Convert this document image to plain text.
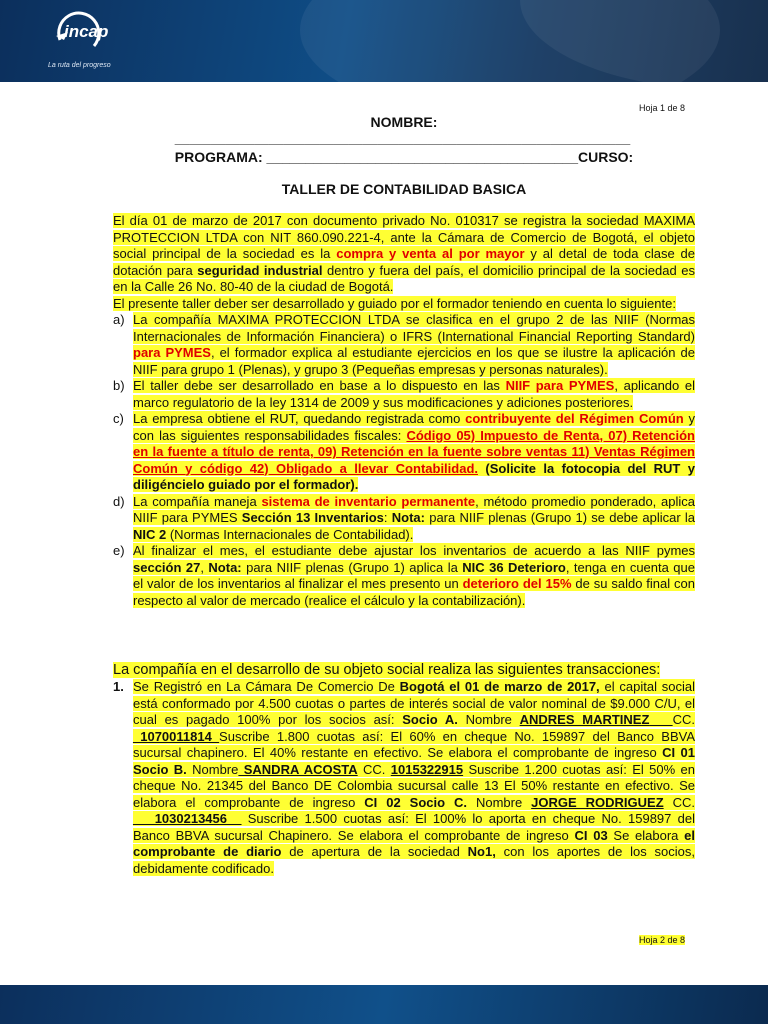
incap
La ruta del progreso
Hoja 1 de 8
NOMBRE:
_______________________________________________________________
PROGRAMA: ________________________________________CURSO:
TALLER DE CONTABILIDAD BASICA
El día 01 de marzo de 2017 con documento privado No. 010317 se registra la sociedad MAXIMA PROTECCION LTDA con NIT 860.090.221-4, ante la Cámara de Comercio de Bogotá, el objeto social principal de la sociedad es la compra y venta al por mayor y al detal de toda clase de dotación para seguridad industrial dentro y fuera del país, el domicilio principal de la sociedad es en la Calle 26 No. 80-40 de la ciudad de Bogotá.
El presente taller deber ser desarrollado y guiado por el formador teniendo en cuenta lo siguiente:
a) La compañía MAXIMA PROTECCION LTDA se clasifica en el grupo 2 de las NIIF (Normas Internacionales de Información Financiera) o IFRS (International Financial Reporting Standard) para PYMES, el formador explica al estudiante ejercicios en los que se ilustre la aplicación de NIIF para grupo 1 (Plenas), y grupo 3 (Pequeñas empresas y personas naturales).
b) El taller debe ser desarrollado en base a lo dispuesto en las NIIF para PYMES, aplicando el marco regulatorio de la ley 1314 de 2009 y sus modificaciones y adiciones posteriores.
c) La empresa obtiene el RUT, quedando registrada como contribuyente del Régimen Común y con las siguientes responsabilidades fiscales: Código 05) Impuesto de Renta, 07) Retención en la fuente a título de renta, 09) Retención en la fuente sobre ventas 11) Ventas Régimen Común y código 42) Obligado a llevar Contabilidad. (Solicite la fotocopia del RUT y diligéncielo guiado por el formador).
d) La compañía maneja sistema de inventario permanente, método promedio ponderado, aplica NIIF para PYMES Sección 13 Inventarios: Nota: para NIIF plenas (Grupo 1) se debe aplicar la NIC 2 (Normas Internacionales de Contabilidad).
e) Al finalizar el mes, el estudiante debe ajustar los inventarios de acuerdo a las NIIF pymes sección 27, Nota: para NIIF plenas (Grupo 1) aplica la NIC 36 Deterioro, tenga en cuenta que el valor de los inventarios al finalizar el mes presento un deterioro del 15% de su saldo final con respecto al valor de mercado (realice el cálculo y la contabilización).
La compañía en el desarrollo de su objeto social realiza las siguientes transacciones:
1. Se Registró en La Cámara De Comercio De Bogotá el 01 de marzo de 2017, el capital social está conformado por 4.500 cuotas o partes de interés social de valor nominal de $9.000 C/U, el cual es pagado 100% por los socios así: Socio A. Nombre ANDRES MARTINEZ CC. _1070011814_Suscribe 1.800 cuotas así: El 60% en cheque No. 159897 del Banco BBVA sucursal chapinero. El 40% restante en efectivo. Se elabora el comprobante de ingreso CI 01 Socio B. Nombre SANDRA ACOSTA CC. 1015322915 Suscribe 1.200 cuotas así: El 50% en cheque No. 21345 del Banco DE Colombia sucursal calle 13 El 50% restante en efectivo. Se elabora el comprobante de ingreso CI 02 Socio C. Nombre JORGE RODRIGUEZ CC. ___1030213456__ Suscribe 1.500 cuotas así: El 100% lo aporta en cheque No. 159897 del Banco BBVA sucursal Chapinero. Se elabora el comprobante de ingreso CI 03 Se elabora el comprobante de diario de apertura de la sociedad No1, con los aportes de los socios, debidamente codificado.
Hoja 2 de 8
